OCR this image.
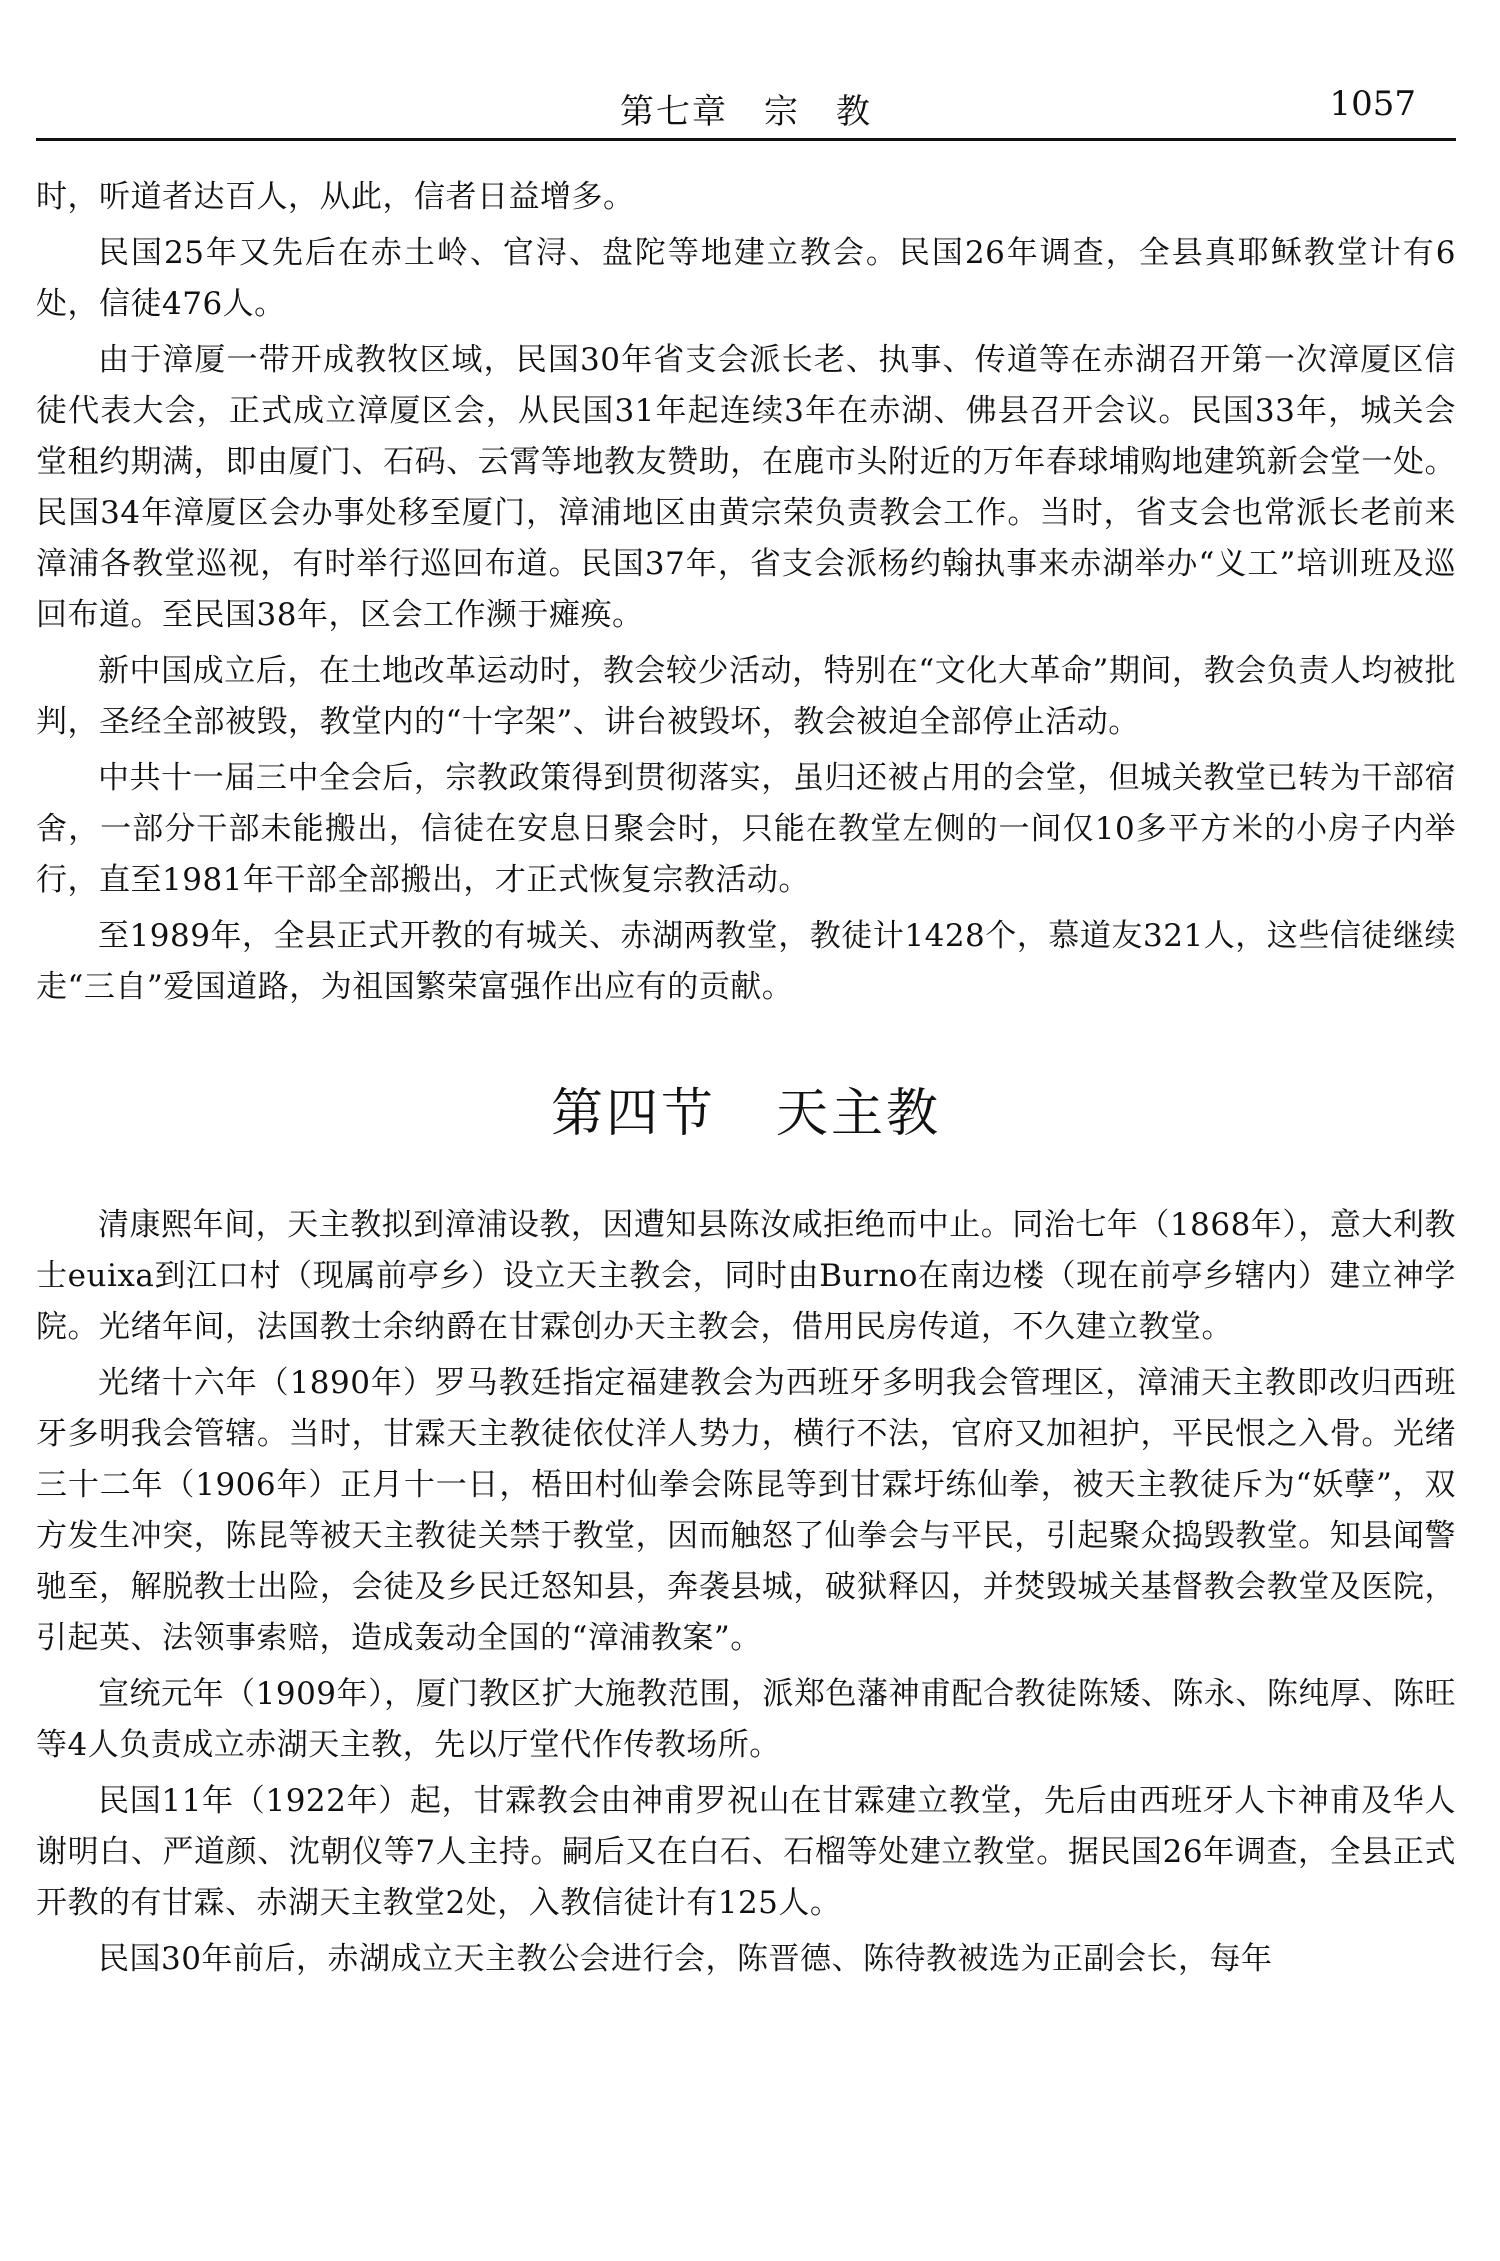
第七章 宗　教	1057

时，听道者达百人，从此，信者日益增多。

民国25年又先后在赤土岭、官浔、盘陀等地建立教会。民国26年调查，全县真耶稣教堂计有6处，信徒476人。

由于漳厦一带开成教牧区域，民国30年省支会派长老、执事、传道等在赤湖召开第一次漳厦区信徒代表大会，正式成立漳厦区会，从民国31年起连续3年在赤湖、佛县召开会议。民国33年，城关会堂租约期满，即由厦门、石码、云霄等地教友赞助，在鹿市头附近的万年春球埔购地建筑新会堂一处。民国34年漳厦区会办事处移至厦门，漳浦地区由黄宗荣负责教会工作。当时，省支会也常派长老前来漳浦各教堂巡视，有时举行巡回布道。民国37年，省支会派杨约翰执事来赤湖举办“义工”培训班及巡回布道。至民国38年，区会工作濒于瘫痪。

新中国成立后，在土地改革运动时，教会较少活动，特别在“文化大革命”期间，教会负责人均被批判，圣经全部被毁，教堂内的“十字架”、讲台被毁坏，教会被迫全部停止活动。

中共十一届三中全会后，宗教政策得到贯彻落实，虽归还被占用的会堂，但城关教堂已转为干部宿舍，一部分干部未能搬出，信徒在安息日聚会时，只能在教堂左侧的一间仅10多平方米的小房子内举行，直至1981年干部全部搬出，才正式恢复宗教活动。

至1989年，全县正式开教的有城关、赤湖两教堂，教徒计1428个，慕道友321人，这些信徒继续走“三自”爱国道路，为祖国繁荣富强作出应有的贡献。

第四节 天主教

清康熙年间，天主教拟到漳浦设教，因遭知县陈汝咸拒绝而中止。同治七年（1868年），意大利教士euixa到江口村（现属前亭乡）设立天主教会，同时由Burno在南边楼（现在前亭乡辖内）建立神学院。光绪年间，法国教士余纳爵在甘霖创办天主教会，借用民房传道，不久建立教堂。

光绪十六年（1890年）罗马教廷指定福建教会为西班牙多明我会管理区，漳浦天主教即改归西班牙多明我会管辖。当时，甘霖天主教徒依仗洋人势力，横行不法，官府又加袒护，平民恨之入骨。光绪三十二年（1906年）正月十一日，梧田村仙拳会陈昆等到甘霖圩练仙拳，被天主教徒斥为“妖孽”，双方发生冲突，陈昆等被天主教徒关禁于教堂，因而触怒了仙拳会与平民，引起聚众捣毁教堂。知县闻警驰至，解脱教士出险，会徒及乡民迁怒知县，奔袭县城，破狱释囚，并焚毁城关基督教会教堂及医院，引起英、法领事索赔，造成轰动全国的“漳浦教案”。

宣统元年（1909年），厦门教区扩大施教范围，派郑色藩神甫配合教徒陈矮、陈永、陈纯厚、陈旺等4人负责成立赤湖天主教，先以厅堂代作传教场所。

民国11年（1922年）起，甘霖教会由神甫罗祝山在甘霖建立教堂，先后由西班牙人卞神甫及华人谢明白、严道颜、沈朝仪等7人主持。嗣后又在白石、石榴等处建立教堂。据民国26年调查，全县正式开教的有甘霖、赤湖天主教堂2处，入教信徒计有125人。

民国30年前后，赤湖成立天主教公会进行会，陈晋德、陈待教被选为正副会长，每年
